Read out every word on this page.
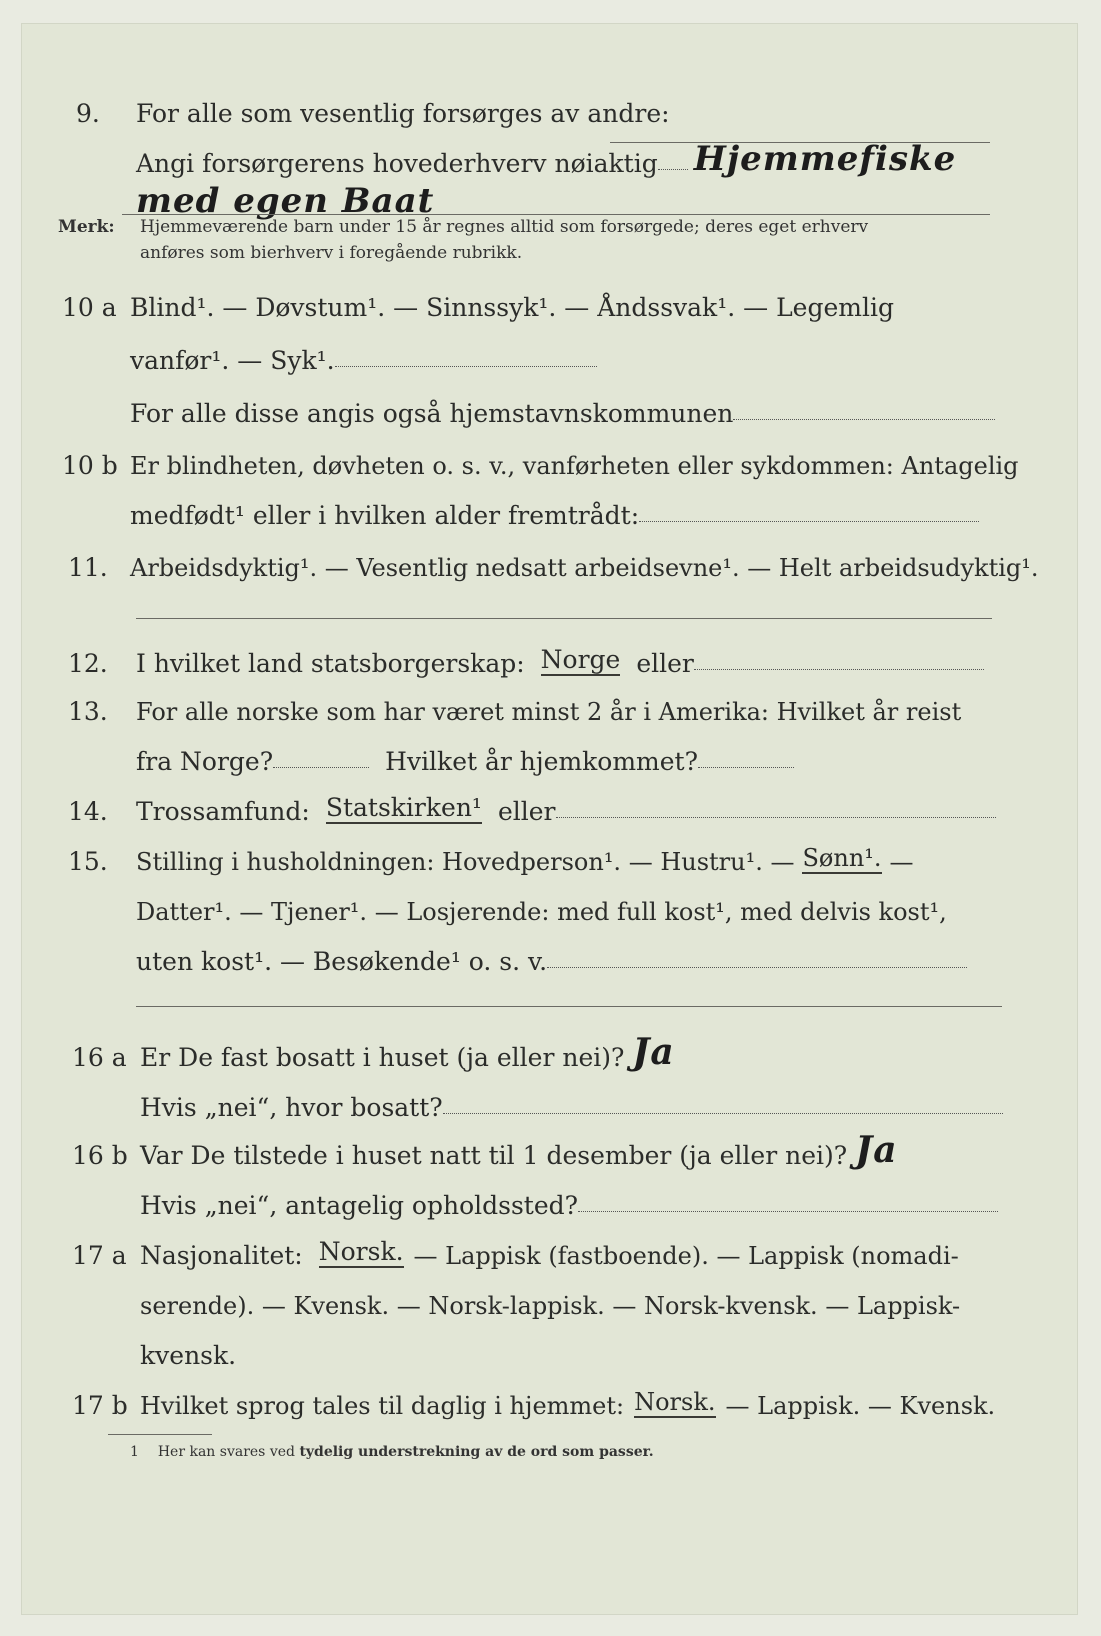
9.	For alle som vesentlig forsørges av andre:
Angi forsørgerens hovederhverv nøiaktig Hjemmefiske
med egen Baat
Merk: Hjemmeværende barn under 15 år regnes alltid som forsørgede; deres eget erhverv
anføres som bierhverv i foregående rubrikk.
10 a Blind¹. — Døvstum¹. — Sinnssyk¹. — Åndssvak¹. — Legemlig
vanfør¹. — Syk¹.
For alle disse angis også hjemstavnskommunen
10 b Er blindheten, døvheten o. s. v., vanførheten eller sykdommen: Antagelig
medfødt¹ eller i hvilken alder fremtrådt:
11. Arbeidsdyktig¹. — Vesentlig nedsatt arbeidsevne¹. — Helt arbeidsudyktig¹.
12.	I hvilket land statsborgerskap: Norge eller
13.	For alle norske som har været minst 2 år i Amerika: Hvilket år reist
fra Norge?	Hvilket år hjemkommet?
14.	Trossamfund: Statskirken¹ eller
15.	Stilling i husholdningen: Hovedperson¹. — Hustru¹. — Sønn¹. —
Datter¹. — Tjener¹. — Losjerende: med full kost¹, med delvis kost¹,
uten kost¹. — Besøkende¹ o. s. v.
16 a Er De fast bosatt i huset (ja eller nei)? Ja
Hvis „nei“, hvor bosatt?
16 b Var De tilstede i huset natt til 1 desember (ja eller nei)? Ja
Hvis „nei“, antagelig opholdssted?
17 a Nasjonalitet: Norsk. — Lappisk (fastboende). — Lappisk (nomadi-
serende). — Kvensk. — Norsk-lappisk. — Norsk-kvensk. — Lappisk-
kvensk.
17 b Hvilket sprog tales til daglig i hjemmet: Norsk. — Lappisk. — Kvensk.
1 Her kan svares ved tydelig understrekning av de ord som passer.
